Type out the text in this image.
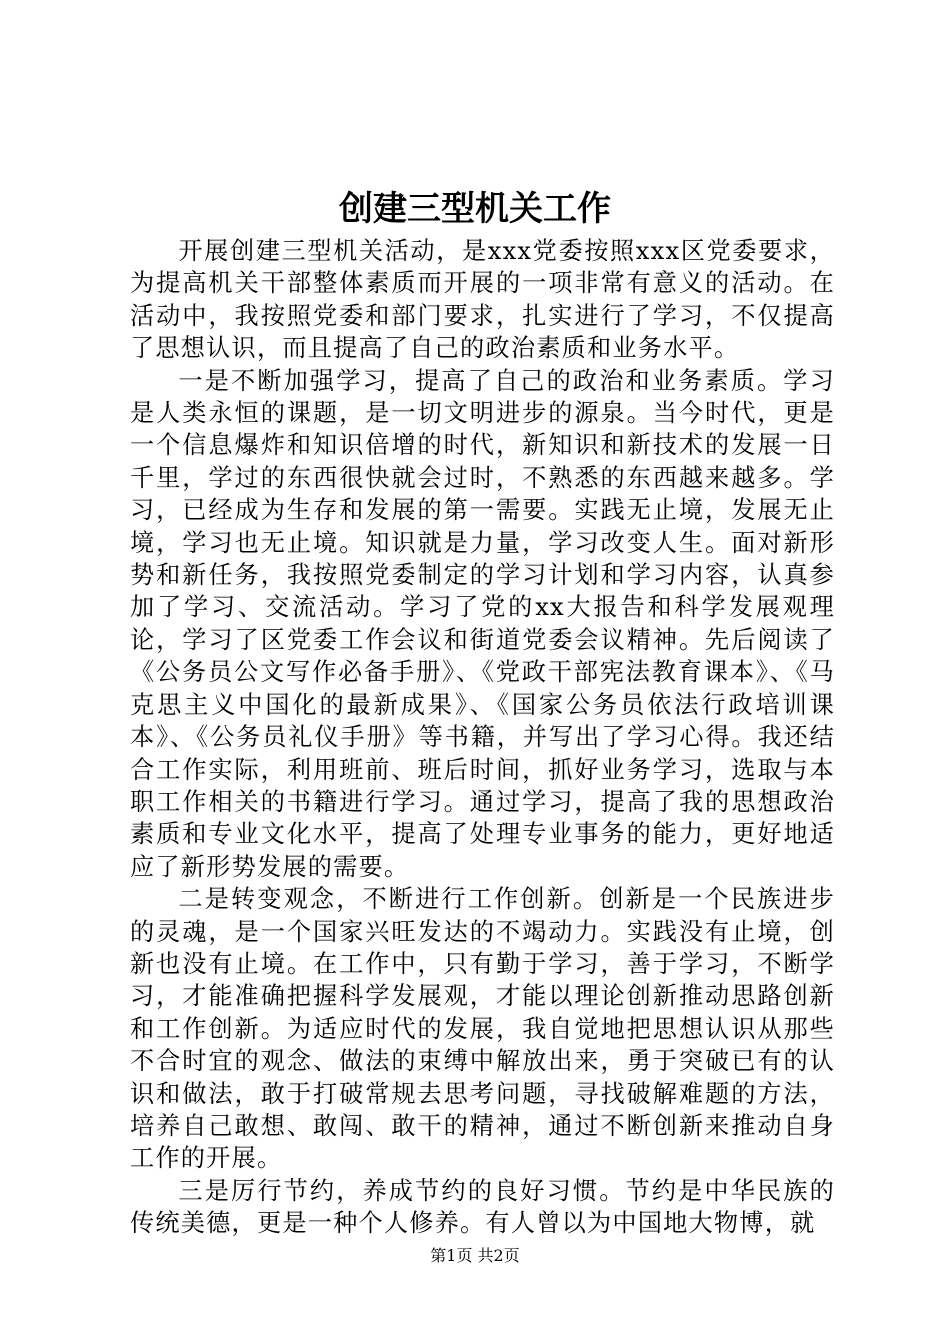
创建三型机关工作

开展创建三型机关活动，是xxx党委按照xxx区党委要求，为提高机关干部整体素质而开展的一项非常有意义的活动。在活动中，我按照党委和部门要求，扎实进行了学习，不仅提高了思想认识，而且提高了自己的政治素质和业务水平。

一是不断加强学习，提高了自己的政治和业务素质。学习是人类永恒的课题，是一切文明进步的源泉。当今时代，更是一个信息爆炸和知识倍增的时代，新知识和新技术的发展一日千里，学过的东西很快就会过时，不熟悉的东西越来越多。学习，已经成为生存和发展的第一需要。实践无止境，发展无止境，学习也无止境。知识就是力量，学习改变人生。面对新形势和新任务，我按照党委制定的学习计划和学习内容，认真参加了学习、交流活动。学习了党的xx大报告和科学发展观理论，学习了区党委工作会议和街道党委会议精神。先后阅读了《公务员公文写作必备手册》、《党政干部宪法教育课本》、《马克思主义中国化的最新成果》、《国家公务员依法行政培训课本》、《公务员礼仪手册》等书籍，并写出了学习心得。我还结合工作实际，利用班前、班后时间，抓好业务学习，选取与本职工作相关的书籍进行学习。通过学习，提高了我的思想政治素质和专业文化水平，提高了处理专业事务的能力，更好地适应了新形势发展的需要。

二是转变观念，不断进行工作创新。创新是一个民族进步的灵魂，是一个国家兴旺发达的不竭动力。实践没有止境，创新也没有止境。在工作中，只有勤于学习，善于学习，不断学习，才能准确把握科学发展观，才能以理论创新推动思路创新和工作创新。为适应时代的发展，我自觉地把思想认识从那些不合时宜的观念、做法的束缚中解放出来，勇于突破已有的认识和做法，敢于打破常规去思考问题，寻找破解难题的方法，培养自己敢想、敢闯、敢干的精神，通过不断创新来推动自身工作的开展。

三是厉行节约，养成节约的良好习惯。节约是中华民族的传统美德，更是一种个人修养。有人曾以为中国地大物博，就

第1页 共2页
